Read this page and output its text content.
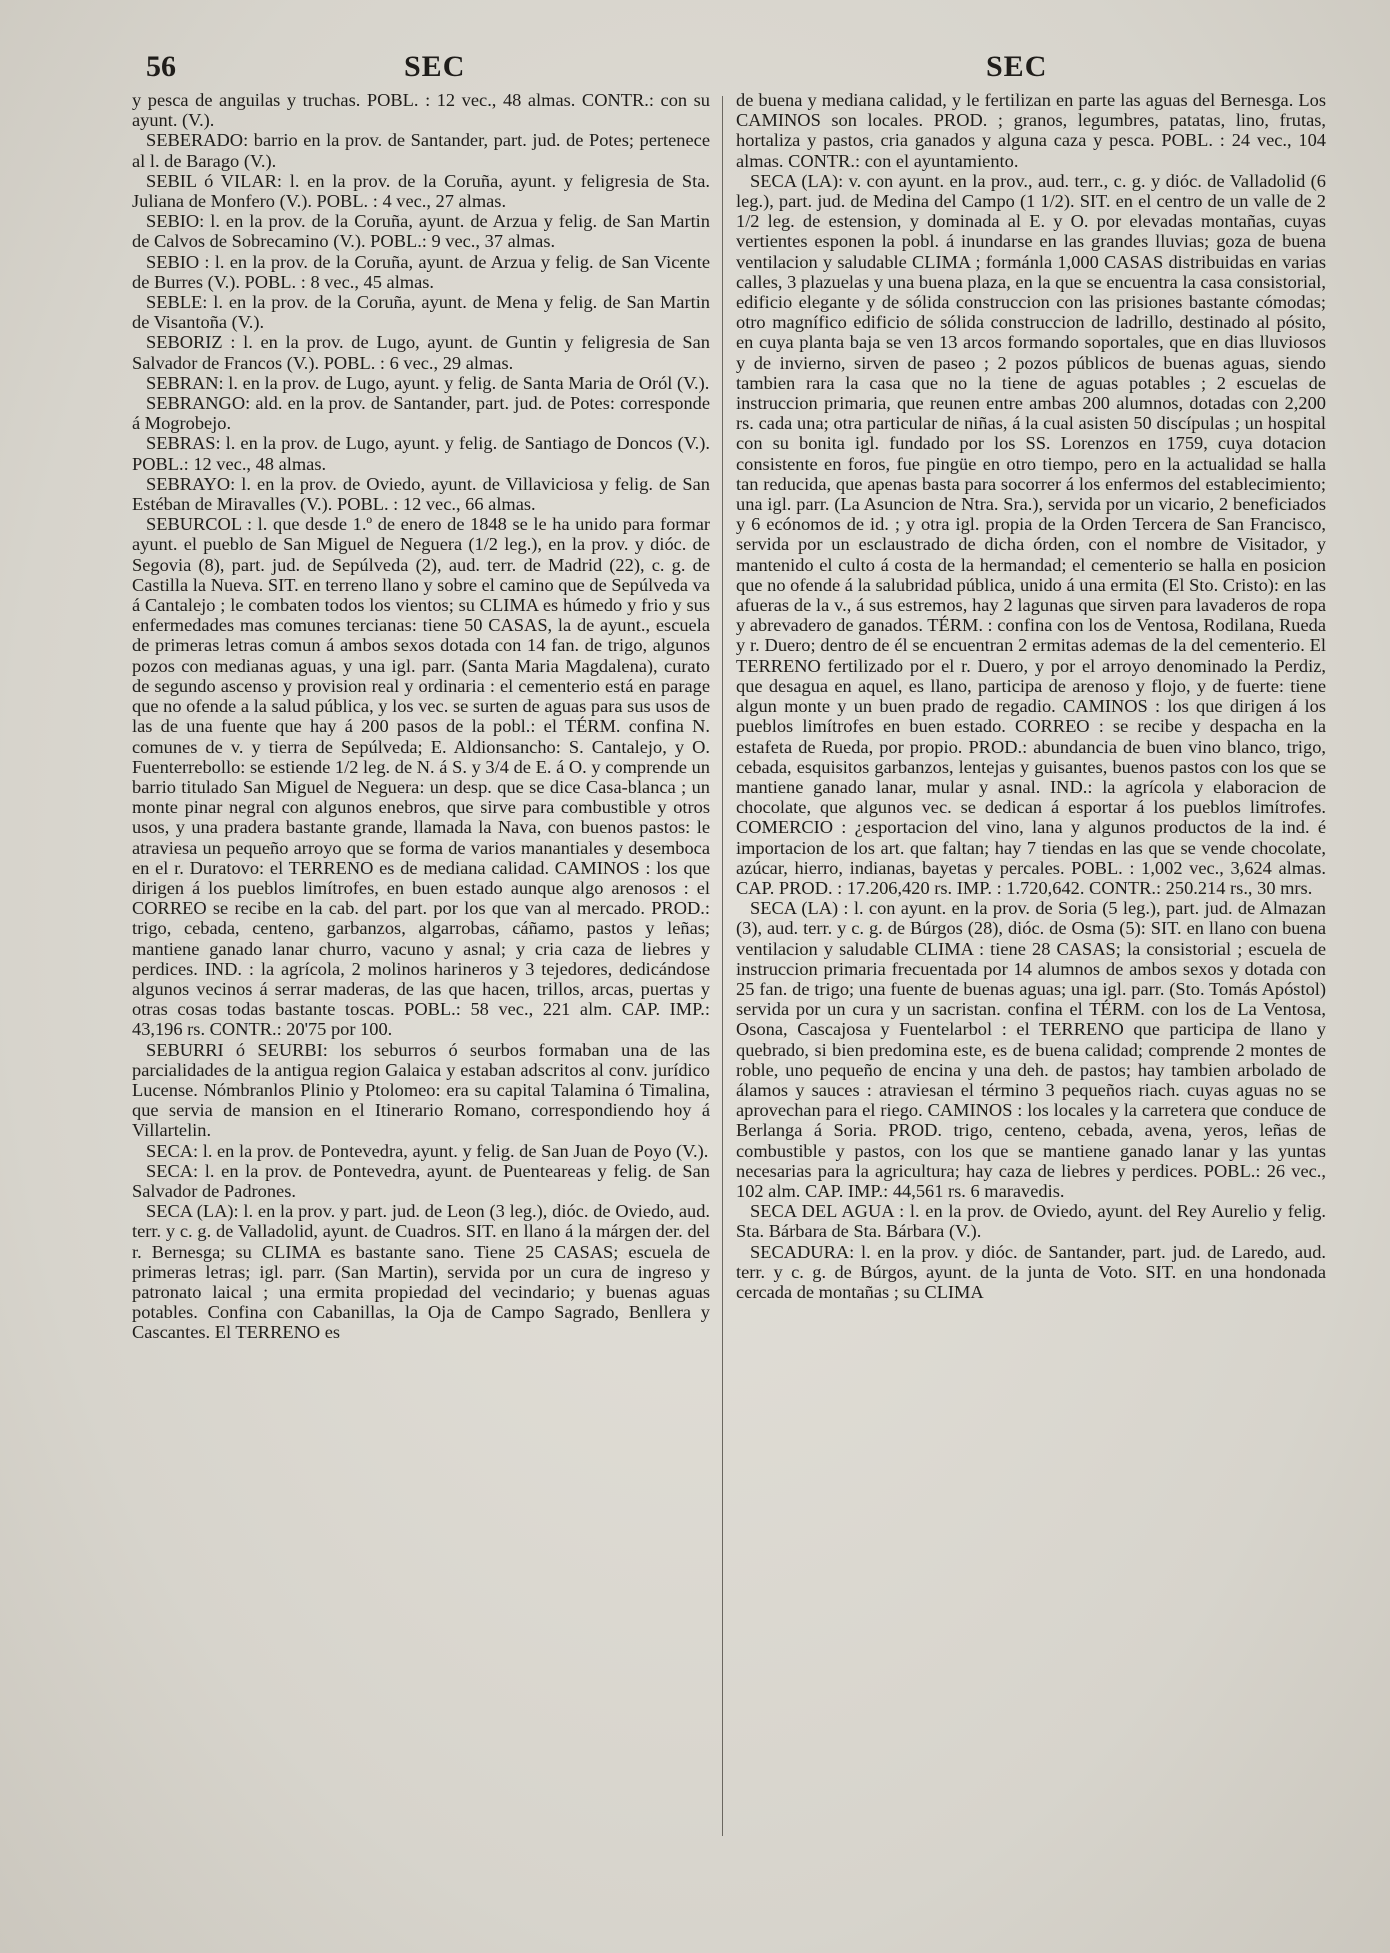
56	SEC	SEC

y pesca de anguilas y truchas. POBL. : 12 vec., 48 almas. CONTR.: con su ayunt. (V.).

SEBERADO: barrio en la prov. de Santander, part. jud. de Potes; pertenece al l. de Barago (V.).

SEBIL ó VILAR: l. en la prov. de la Coruña, ayunt. y feligresia de Sta. Juliana de Monfero (V.). POBL. : 4 vec., 27 almas.

SEBIO: l. en la prov. de la Coruña, ayunt. de Arzua y felig. de San Martin de Calvos de Sobrecamino (V.). POBL.: 9 vec., 37 almas.

SEBIO : l. en la prov. de la Coruña, ayunt. de Arzua y felig. de San Vicente de Burres (V.). POBL. : 8 vec., 45 almas.

SEBLE: l. en la prov. de la Coruña, ayunt. de Mena y felig. de San Martin de Visantoña (V.).

SEBORIZ : l. en la prov. de Lugo, ayunt. de Guntin y feligresia de San Salvador de Francos (V.). POBL. : 6 vec., 29 almas.

SEBRAN: l. en la prov. de Lugo, ayunt. y felig. de Santa Maria de Oról (V.).

SEBRANGO: ald. en la prov. de Santander, part. jud. de Potes: corresponde á Mogrobejo.

SEBRAS: l. en la prov. de Lugo, ayunt. y felig. de Santiago de Doncos (V.). POBL.: 12 vec., 48 almas.

SEBRAYO: l. en la prov. de Oviedo, ayunt. de Villaviciosa y felig. de San Estéban de Miravalles (V.). POBL. : 12 vec., 66 almas.

SEBURCOL : l. que desde 1.º de enero de 1848 se le ha unido para formar ayunt. el pueblo de San Miguel de Neguera (1/2 leg.), en la prov. y dióc. de Segovia (8), part. jud. de Sepúlveda (2), aud. terr. de Madrid (22), c. g. de Castilla la Nueva. SIT. en terreno llano y sobre el camino que de Sepúlveda va á Cantalejo ; le combaten todos los vientos; su CLIMA es húmedo y frio y sus enfermedades mas comunes tercianas: tiene 50 CASAS, la de ayunt., escuela de primeras letras comun á ambos sexos dotada con 14 fan. de trigo, algunos pozos con medianas aguas, y una igl. parr. (Santa Maria Magdalena), curato de segundo ascenso y provision real y ordinaria : el cementerio está en parage que no ofende a la salud pública, y los vec. se surten de aguas para sus usos de las de una fuente que hay á 200 pasos de la pobl.: el TÉRM. confina N. comunes de v. y tierra de Sepúlveda; E. Aldionsancho: S. Cantalejo, y O. Fuenterrebollo: se estiende 1/2 leg. de N. á S. y 3/4 de E. á O. y comprende un barrio titulado San Miguel de Neguera: un desp. que se dice Casa-blanca ; un monte pinar negral con algunos enebros, que sirve para combustible y otros usos, y una pradera bastante grande, llamada la Nava, con buenos pastos: le atraviesa un pequeño arroyo que se forma de varios manantiales y desemboca en el r. Duratovo: el TERRENO es de mediana calidad. CAMINOS : los que dirigen á los pueblos limítrofes, en buen estado aunque algo arenosos : el CORREO se recibe en la cab. del part. por los que van al mercado. PROD.: trigo, cebada, centeno, garbanzos, algarrobas, cáñamo, pastos y leñas; mantiene ganado lanar churro, vacuno y asnal; y cria caza de liebres y perdices. IND. : la agrícola, 2 molinos harineros y 3 tejedores, dedicándose algunos vecinos á serrar maderas, de las que hacen, trillos, arcas, puertas y otras cosas todas bastante toscas. POBL.: 58 vec., 221 alm. CAP. IMP.: 43,196 rs. CONTR.: 20'75 por 100.

SEBURRI ó SEURBI: los seburros ó seurbos formaban una de las parcialidades de la antigua region Galaica y estaban adscritos al conv. jurídico Lucense. Nómbranlos Plinio y Ptolomeo: era su capital Talamina ó Timalina, que servia de mansion en el Itinerario Romano, correspondiendo hoy á Villartelin.

SECA: l. en la prov. de Pontevedra, ayunt. y felig. de San Juan de Poyo (V.).

SECA: l. en la prov. de Pontevedra, ayunt. de Puenteareas y felig. de San Salvador de Padrones.

SECA (LA): l. en la prov. y part. jud. de Leon (3 leg.), dióc. de Oviedo, aud. terr. y c. g. de Valladolid, ayunt. de Cuadros. SIT. en llano á la márgen der. del r. Bernesga; su CLIMA es bastante sano. Tiene 25 CASAS; escuela de primeras letras; igl. parr. (San Martin), servida por un cura de ingreso y patronato laical ; una ermita propiedad del vecindario; y buenas aguas potables. Confina con Cabanillas, la Oja de Campo Sagrado, Benllera y Cascantes. El TERRENO es

de buena y mediana calidad, y le fertilizan en parte las aguas del Bernesga. Los CAMINOS son locales. PROD. ; granos, legumbres, patatas, lino, frutas, hortaliza y pastos, cria ganados y alguna caza y pesca. POBL. : 24 vec., 104 almas. CONTR.: con el ayuntamiento.

SECA (LA): v. con ayunt. en la prov., aud. terr., c. g. y dióc. de Valladolid (6 leg.), part. jud. de Medina del Campo (1 1/2). SIT. en el centro de un valle de 2 1/2 leg. de estension, y dominada al E. y O. por elevadas montañas, cuyas vertientes esponen la pobl. á inundarse en las grandes lluvias; goza de buena ventilacion y saludable CLIMA ; formánla 1,000 CASAS distribuidas en varias calles, 3 plazuelas y una buena plaza, en la que se encuentra la casa consistorial, edificio elegante y de sólida construccion con las prisiones bastante cómodas; otro magnífico edificio de sólida construccion de ladrillo, destinado al pósito, en cuya planta baja se ven 13 arcos formando soportales, que en dias lluviosos y de invierno, sirven de paseo ; 2 pozos públicos de buenas aguas, siendo tambien rara la casa que no la tiene de aguas potables ; 2 escuelas de instruccion primaria, que reunen entre ambas 200 alumnos, dotadas con 2,200 rs. cada una; otra particular de niñas, á la cual asisten 50 discípulas ; un hospital con su bonita igl. fundado por los SS. Lorenzos en 1759, cuya dotacion consistente en foros, fue pingüe en otro tiempo, pero en la actualidad se halla tan reducida, que apenas basta para socorrer á los enfermos del establecimiento; una igl. parr. (La Asuncion de Ntra. Sra.), servida por un vicario, 2 beneficiados y 6 ecónomos de id. ; y otra igl. propia de la Orden Tercera de San Francisco, servida por un esclaustrado de dicha órden, con el nombre de Visitador, y mantenido el culto á costa de la hermandad; el cementerio se halla en posicion que no ofende á la salubridad pública, unido á una ermita (El Sto. Cristo): en las afueras de la v., á sus estremos, hay 2 lagunas que sirven para lavaderos de ropa y abrevadero de ganados. TÉRM. : confina con los de Ventosa, Rodilana, Rueda y r. Duero; dentro de él se encuentran 2 ermitas ademas de la del cementerio. El TERRENO fertilizado por el r. Duero, y por el arroyo denominado la Perdiz, que desagua en aquel, es llano, participa de arenoso y flojo, y de fuerte: tiene algun monte y un buen prado de regadio. CAMINOS : los que dirigen á los pueblos limítrofes en buen estado. CORREO : se recibe y despacha en la estafeta de Rueda, por propio. PROD.: abundancia de buen vino blanco, trigo, cebada, esquisitos garbanzos, lentejas y guisantes, buenos pastos con los que se mantiene ganado lanar, mular y asnal. IND.: la agrícola y elaboracion de chocolate, que algunos vec. se dedican á esportar á los pueblos limítrofes. COMERCIO : ¿esportacion del vino, lana y algunos productos de la ind. é importacion de los art. que faltan; hay 7 tiendas en las que se vende chocolate, azúcar, hierro, indianas, bayetas y percales. POBL. : 1,002 vec., 3,624 almas. CAP. PROD. : 17.206,420 rs. IMP. : 1.720,642. CONTR.: 250.214 rs., 30 mrs.

SECA (LA) : l. con ayunt. en la prov. de Soria (5 leg.), part. jud. de Almazan (3), aud. terr. y c. g. de Búrgos (28), dióc. de Osma (5): SIT. en llano con buena ventilacion y saludable CLIMA : tiene 28 CASAS; la consistorial ; escuela de instruccion primaria frecuentada por 14 alumnos de ambos sexos y dotada con 25 fan. de trigo; una fuente de buenas aguas; una igl. parr. (Sto. Tomás Apóstol) servida por un cura y un sacristan. confina el TÉRM. con los de La Ventosa, Osona, Cascajosa y Fuentelarbol : el TERRENO que participa de llano y quebrado, si bien predomina este, es de buena calidad; comprende 2 montes de roble, uno pequeño de encina y una deh. de pastos; hay tambien arbolado de álamos y sauces : atraviesan el término 3 pequeños riach. cuyas aguas no se aprovechan para el riego. CAMINOS : los locales y la carretera que conduce de Berlanga á Soria. PROD. trigo, centeno, cebada, avena, yeros, leñas de combustible y pastos, con los que se mantiene ganado lanar y las yuntas necesarias para la agricultura; hay caza de liebres y perdices. POBL.: 26 vec., 102 alm. CAP. IMP.: 44,561 rs. 6 maravedis.

SECA DEL AGUA : l. en la prov. de Oviedo, ayunt. del Rey Aurelio y felig. Sta. Bárbara de Sta. Bárbara (V.).

SECADURA: l. en la prov. y dióc. de Santander, part. jud. de Laredo, aud. terr. y c. g. de Búrgos, ayunt. de la junta de Voto. SIT. en una hondonada cercada de montañas ; su CLIMA
